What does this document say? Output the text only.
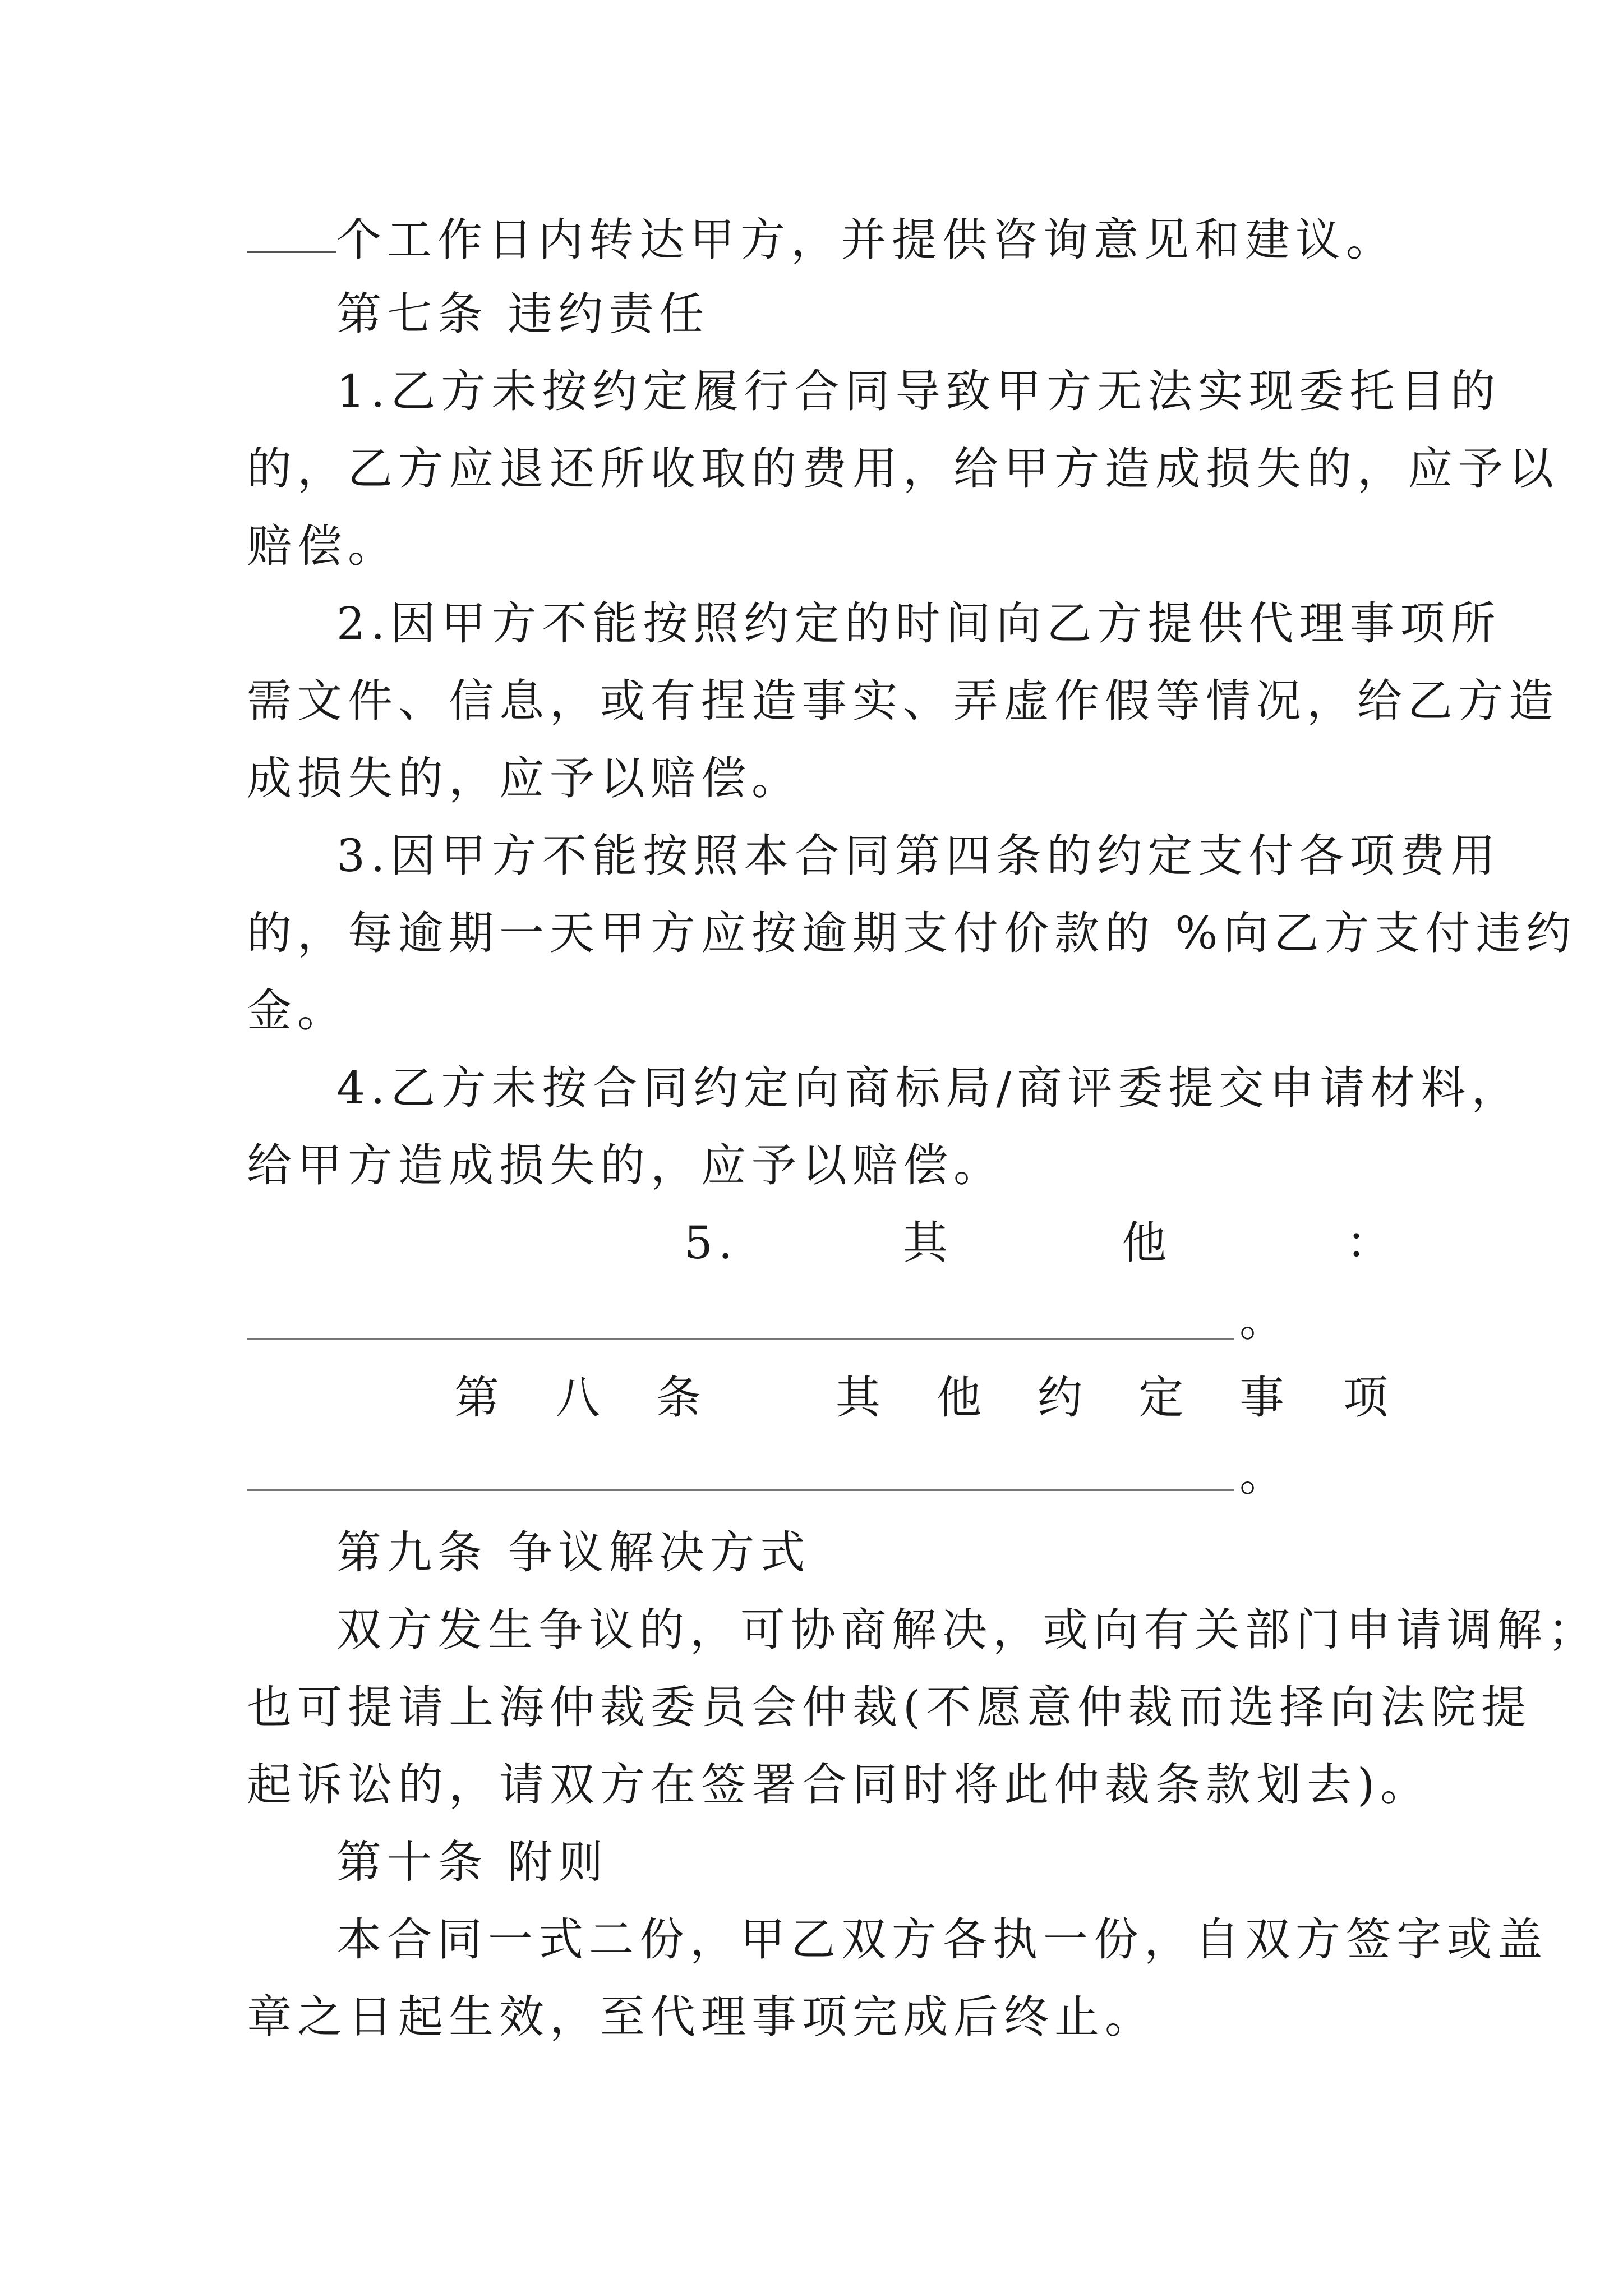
个工作日内转达甲方，并提供咨询意见和建议。
第七条 违约责任
1.乙方未按约定履行合同导致甲方无法实现委托目的
的，乙方应退还所收取的费用，给甲方造成损失的，应予以
赔偿。
2.因甲方不能按照约定的时间向乙方提供代理事项所
需文件、信息，或有捏造事实、弄虚作假等情况，给乙方造
成损失的，应予以赔偿。
3.因甲方不能按照本合同第四条的约定支付各项费用
的，每逾期一天甲方应按逾期支付价款的 %向乙方支付违约
金。
4.乙方未按合同约定向商标局/商评委提交申请材料，
给甲方造成损失的，应予以赔偿。
5.	其	他	：
。
第 八 条	其 他 约 定 事 项
。
第九条 争议解决方式
双方发生争议的，可协商解决，或向有关部门申请调解；
也可提请上海仲裁委员会仲裁(不愿意仲裁而选择向法院提
起诉讼的，请双方在签署合同时将此仲裁条款划去)。
第十条 附则
本合同一式二份，甲乙双方各执一份，自双方签字或盖
章之日起生效，至代理事项完成后终止。
